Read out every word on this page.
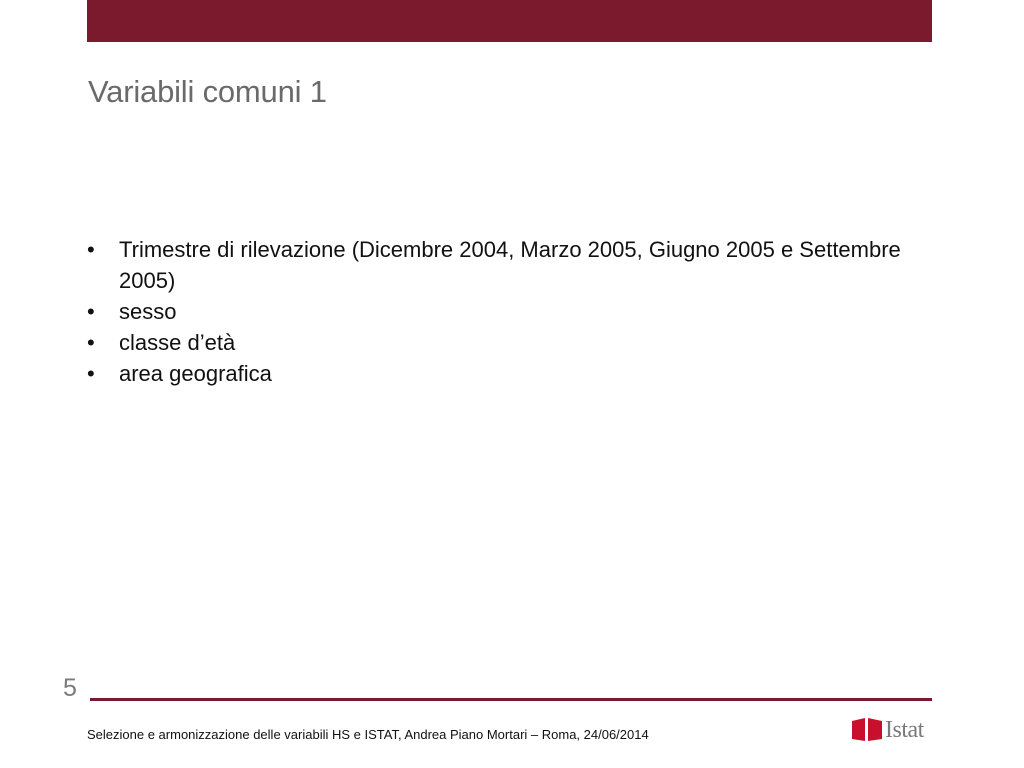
Variabili comuni 1
• Trimestre di rilevazione (Dicembre 2004, Marzo 2005, Giugno 2005 e Settembre 2005)
• sesso
• classe d’età
• area geografica
5
Selezione e armonizzazione delle variabili HS e ISTAT, Andrea Piano Mortari – Roma, 24/06/2014	Istat
